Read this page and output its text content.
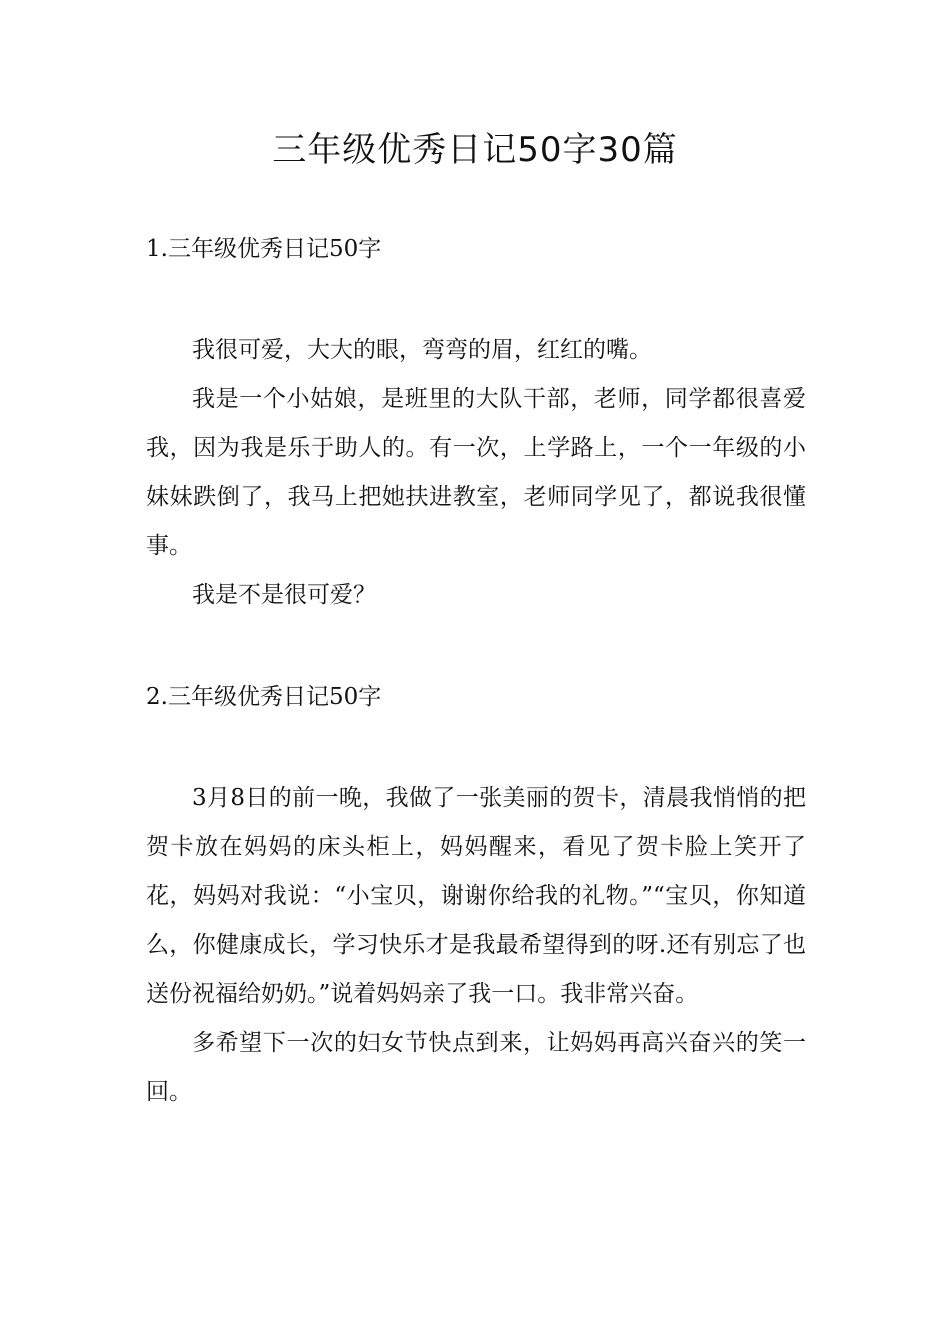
三年级优秀日记50字30篇
1.三年级优秀日记50字

我很可爱，大大的眼，弯弯的眉，红红的嘴。

我是一个小姑娘，是班里的大队干部，老师，同学都很喜爱我，因为我是乐于助人的。有一次，上学路上，一个一年级的小妹妹跌倒了，我马上把她扶进教室，老师同学见了，都说我很懂事。

我是不是很可爱？

2.三年级优秀日记50字

3月8日的前一晚，我做了一张美丽的贺卡，清晨我悄悄的把贺卡放在妈妈的床头柜上，妈妈醒来，看见了贺卡脸上笑开了花，妈妈对我说：“小宝贝，谢谢你给我的礼物。”“宝贝，你知道么，你健康成长，学习快乐才是我最希望得到的呀.还有别忘了也送份祝福给奶奶。”说着妈妈亲了我一口。我非常兴奋。

多希望下一次的妇女节快点到来，让妈妈再高兴奋兴的笑一回。
